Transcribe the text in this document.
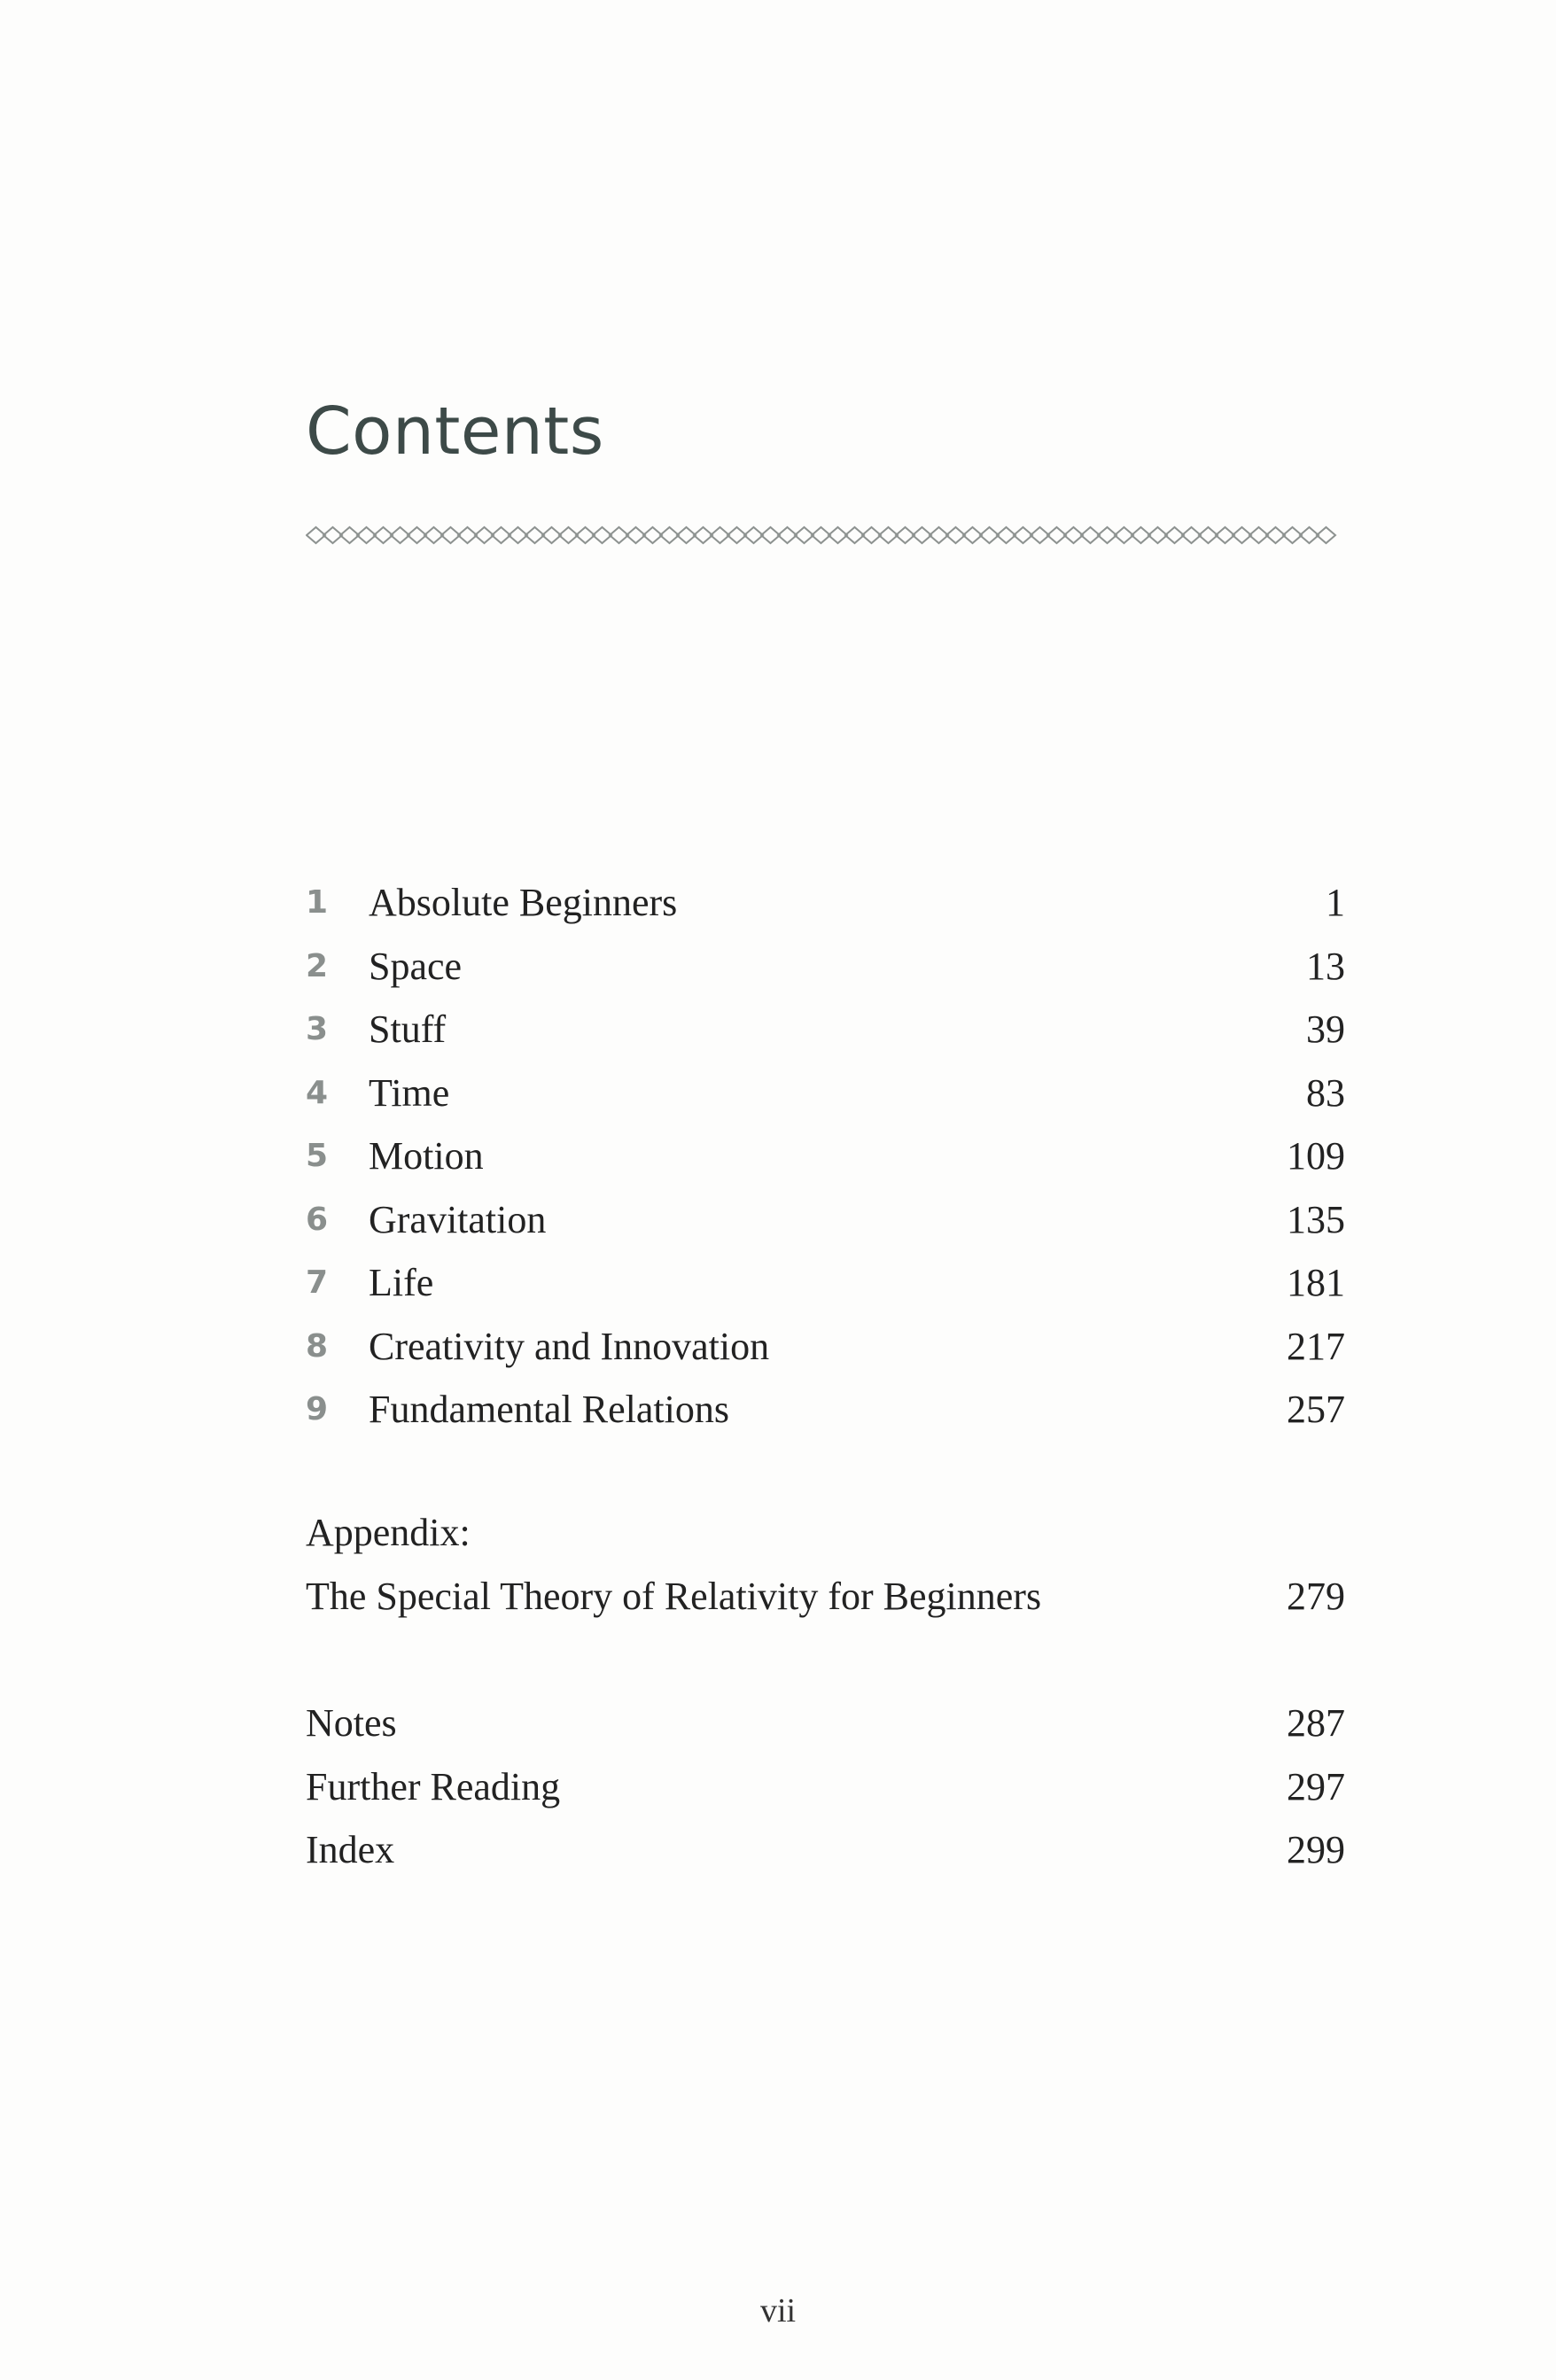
Contents
1 Absolute Beginners	1
2 Space	13
3 Stuff	39
4 Time	83
5 Motion	109
6 Gravitation	135
7 Life	181
8 Creativity and Innovation	217
9 Fundamental Relations	257
Appendix:
The Special Theory of Relativity for Beginners	279
Notes	287
Further Reading	297
Index	299
vii
